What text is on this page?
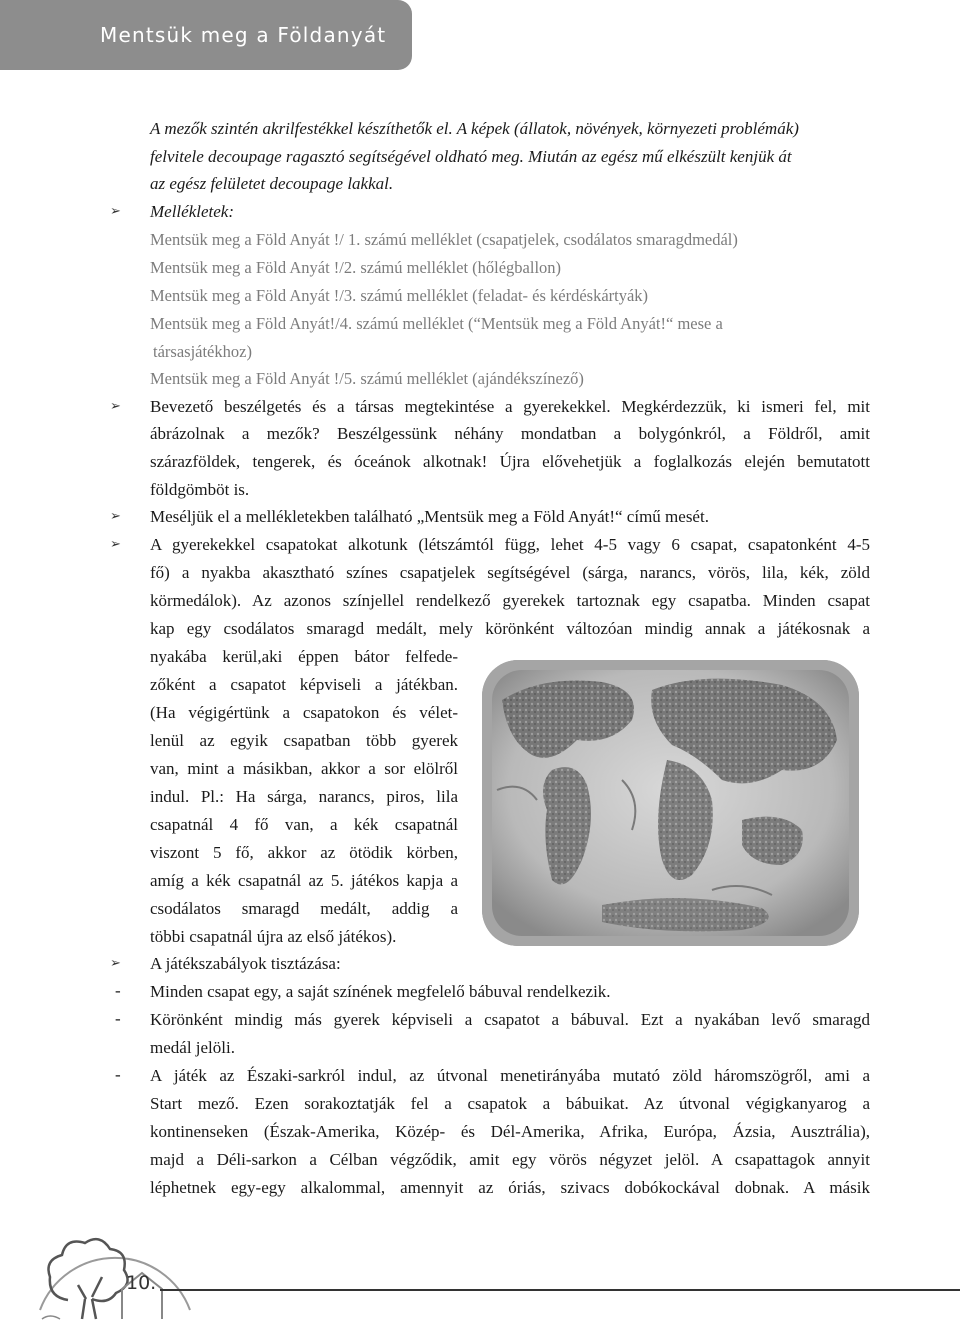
Mentsük meg a Földanyát
A mezők szintén akrilfestékkel készíthetők el. A képek (állatok, növények, környezeti problémák)
felvitele decoupage ragasztó segítségével oldható meg. Miután az egész mű elkészült kenjük át
az egész felületet decoupage lakkal.
➢ Mellékletek:
Mentsük meg a Föld Anyát !/ 1. számú melléklet (csapatjelek, csodálatos smaragdmedál)
Mentsük meg a Föld Anyát !/2. számú melléklet (hőlégballon)
Mentsük meg a Föld Anyát !/3. számú melléklet (feladat- és kérdéskártyák)
Mentsük meg a Föld Anyát!/4. számú melléklet (“Mentsük meg a Föld Anyát!“ mese a
társasjátékhoz)
Mentsük meg a Föld Anyát !/5. számú melléklet (ajándékszínező)
➢ Bevezető beszélgetés és a társas megtekintése a gyerekekkel. Megkérdezzük, ki ismeri fel, mit
ábrázolnak a mezők? Beszélgessünk néhány mondatban a bolygónkról, a Földről, amit
szárazföldek, tengerek, és óceánok alkotnak! Újra elővehetjük a foglalkozás elején bemutatott
földgömböt is.
➢ Meséljük el a mellékletekben található „Mentsük meg a Föld Anyát!“ című mesét.
➢ A gyerekekkel csapatokat alkotunk (létszámtól függ, lehet 4-5 vagy 6 csapat, csapatonként 4-5
fő) a nyakba akasztható színes csapatjelek segítségével (sárga, narancs, vörös, lila, kék, zöld
körmedálok). Az azonos színjellel rendelkező gyerekek tartoznak egy csapatba. Minden csapat
kap egy csodálatos smaragd medált, mely körönként változóan mindig annak a játékosnak a
nyakába kerül,aki éppen bátor felfede-
zőként a csapatot képviseli a játékban.
(Ha végigértünk a csapatokon és vélet-
lenül az egyik csapatban több gyerek
van, mint a másikban, akkor a sor elölről
indul. Pl.: Ha sárga, narancs, piros, lila
csapatnál 4 fő van, a kék csapatnál
viszont 5 fő, akkor az ötödik körben,
amíg a kék csapatnál az 5. játékos kapja a
csodálatos smaragd medált, addig a
többi csapatnál újra az első játékos).
➢ A játékszabályok tisztázása:
- Minden csapat egy, a saját színének megfelelő bábuval rendelkezik.
- Körönként mindig más gyerek képviseli a csapatot a bábuval. Ezt a nyakában levő smaragd
medál jelöli.
- A játék az Északi-sarkról indul, az útvonal menetirányába mutató zöld háromszögről, ami a
Start mező. Ezen sorakoztatják fel a csapatok a bábuikat. Az útvonal végigkanyarog a
kontinenseken (Észak-Amerika, Közép- és Dél-Amerika, Afrika, Európa, Ázsia, Ausztrália),
majd a Déli-sarkon a Célban végződik, amit egy vörös négyzet jelöl. A csapattagok annyit
léphetnek egy-egy alkalommal, amennyit az óriás, szivacs dobókockával dobnak. A másik
10.
